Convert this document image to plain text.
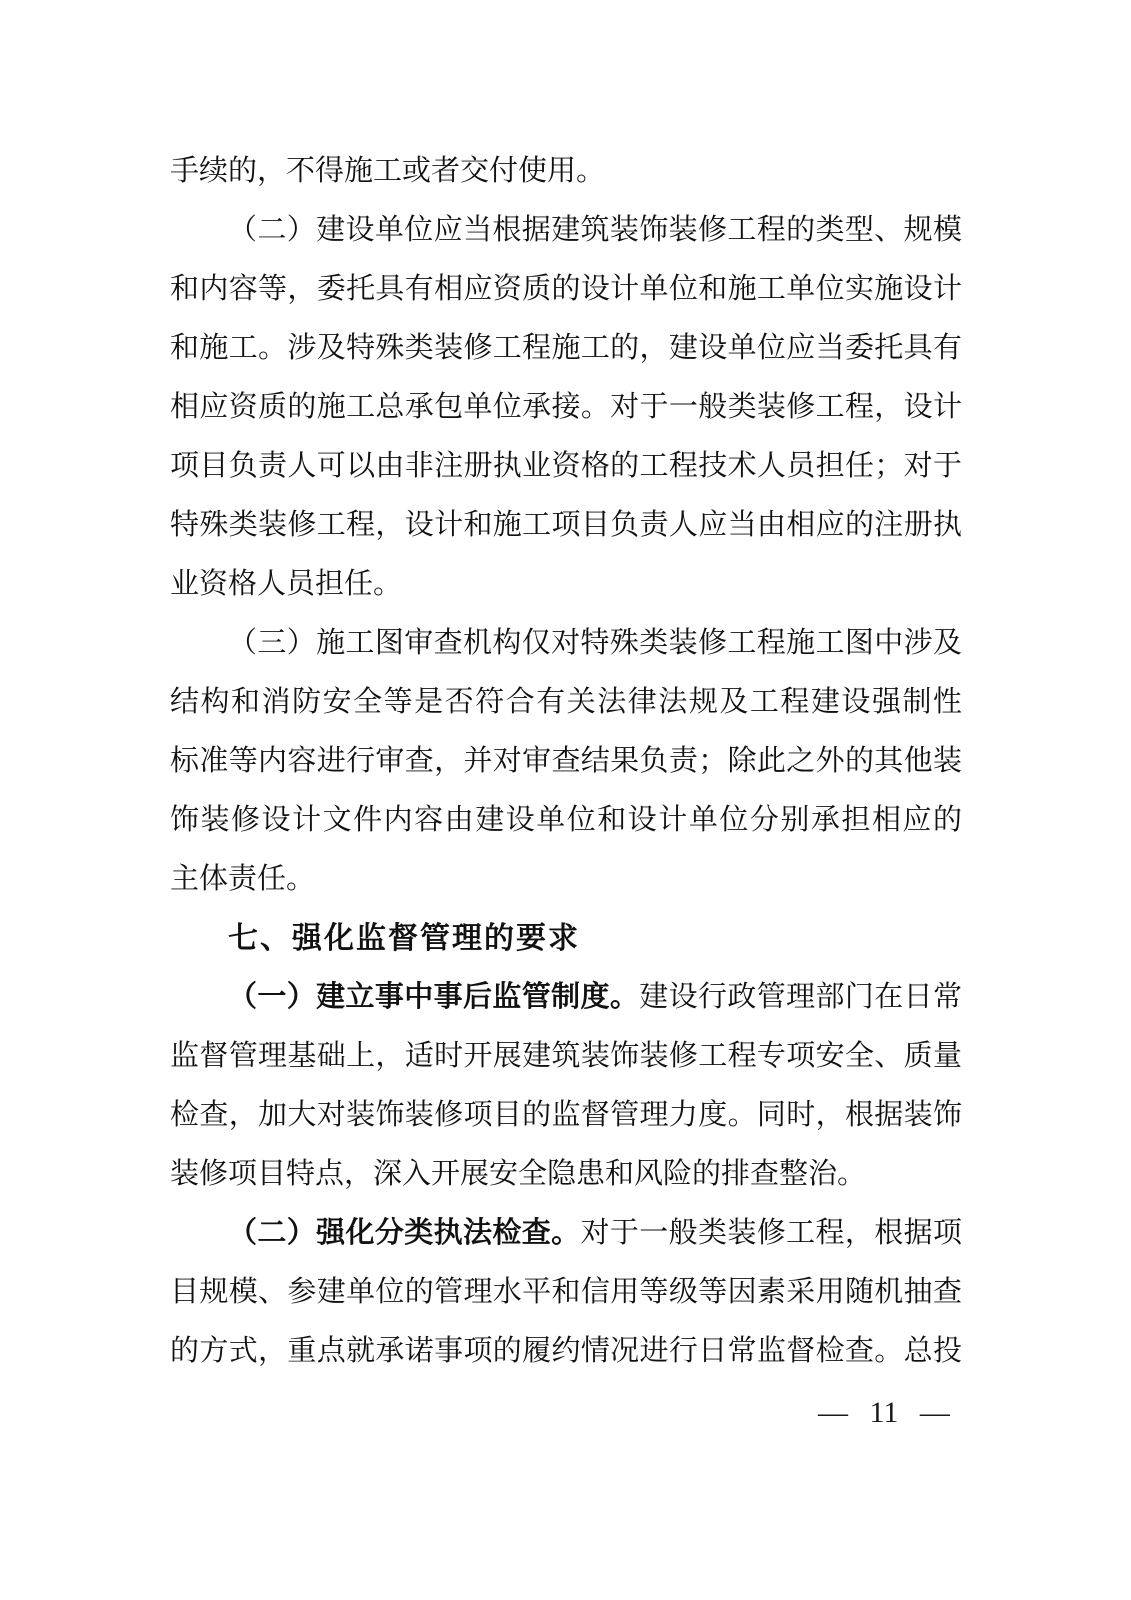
手续的，不得施工或者交付使用。
（二）建设单位应当根据建筑装饰装修工程的类型、规模
和内容等，委托具有相应资质的设计单位和施工单位实施设计
和施工。涉及特殊类装修工程施工的，建设单位应当委托具有
相应资质的施工总承包单位承接。对于一般类装修工程，设计
项目负责人可以由非注册执业资格的工程技术人员担任；对于
特殊类装修工程，设计和施工项目负责人应当由相应的注册执
业资格人员担任。
（三）施工图审查机构仅对特殊类装修工程施工图中涉及
结构和消防安全等是否符合有关法律法规及工程建设强制性
标准等内容进行审查，并对审查结果负责；除此之外的其他装
饰装修设计文件内容由建设单位和设计单位分别承担相应的
主体责任。
七、强化监督管理的要求
（一）建立事中事后监管制度。建设行政管理部门在日常
监督管理基础上，适时开展建筑装饰装修工程专项安全、质量
检查，加大对装饰装修项目的监督管理力度。同时，根据装饰
装修项目特点，深入开展安全隐患和风险的排查整治。
（二）强化分类执法检查。对于一般类装修工程，根据项
目规模、参建单位的管理水平和信用等级等因素采用随机抽查
的方式，重点就承诺事项的履约情况进行日常监督检查。总投
— 11 —
